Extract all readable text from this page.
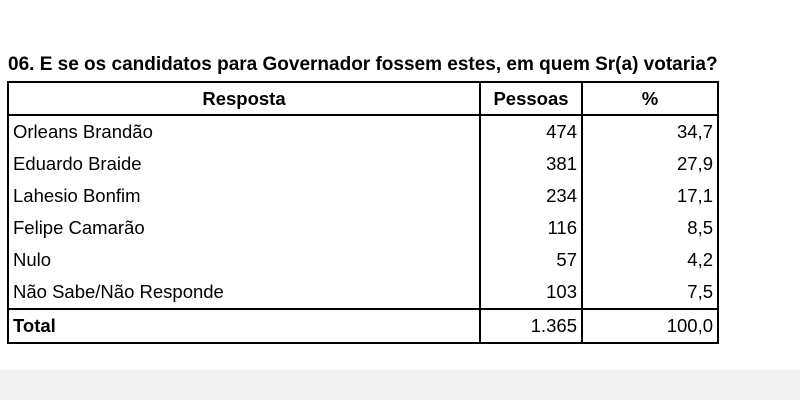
06. E se os candidatos para Governador fossem estes, em quem Sr(a) votaria?
Resposta	Pessoas	%
Orleans Brandão	474	34,7
Eduardo Braide	381	27,9
Lahesio Bonfim	234	17,1
Felipe Camarão	116	8,5
Nulo	57	4,2
Não Sabe/Não Responde	103	7,5
Total	1.365	100,0
